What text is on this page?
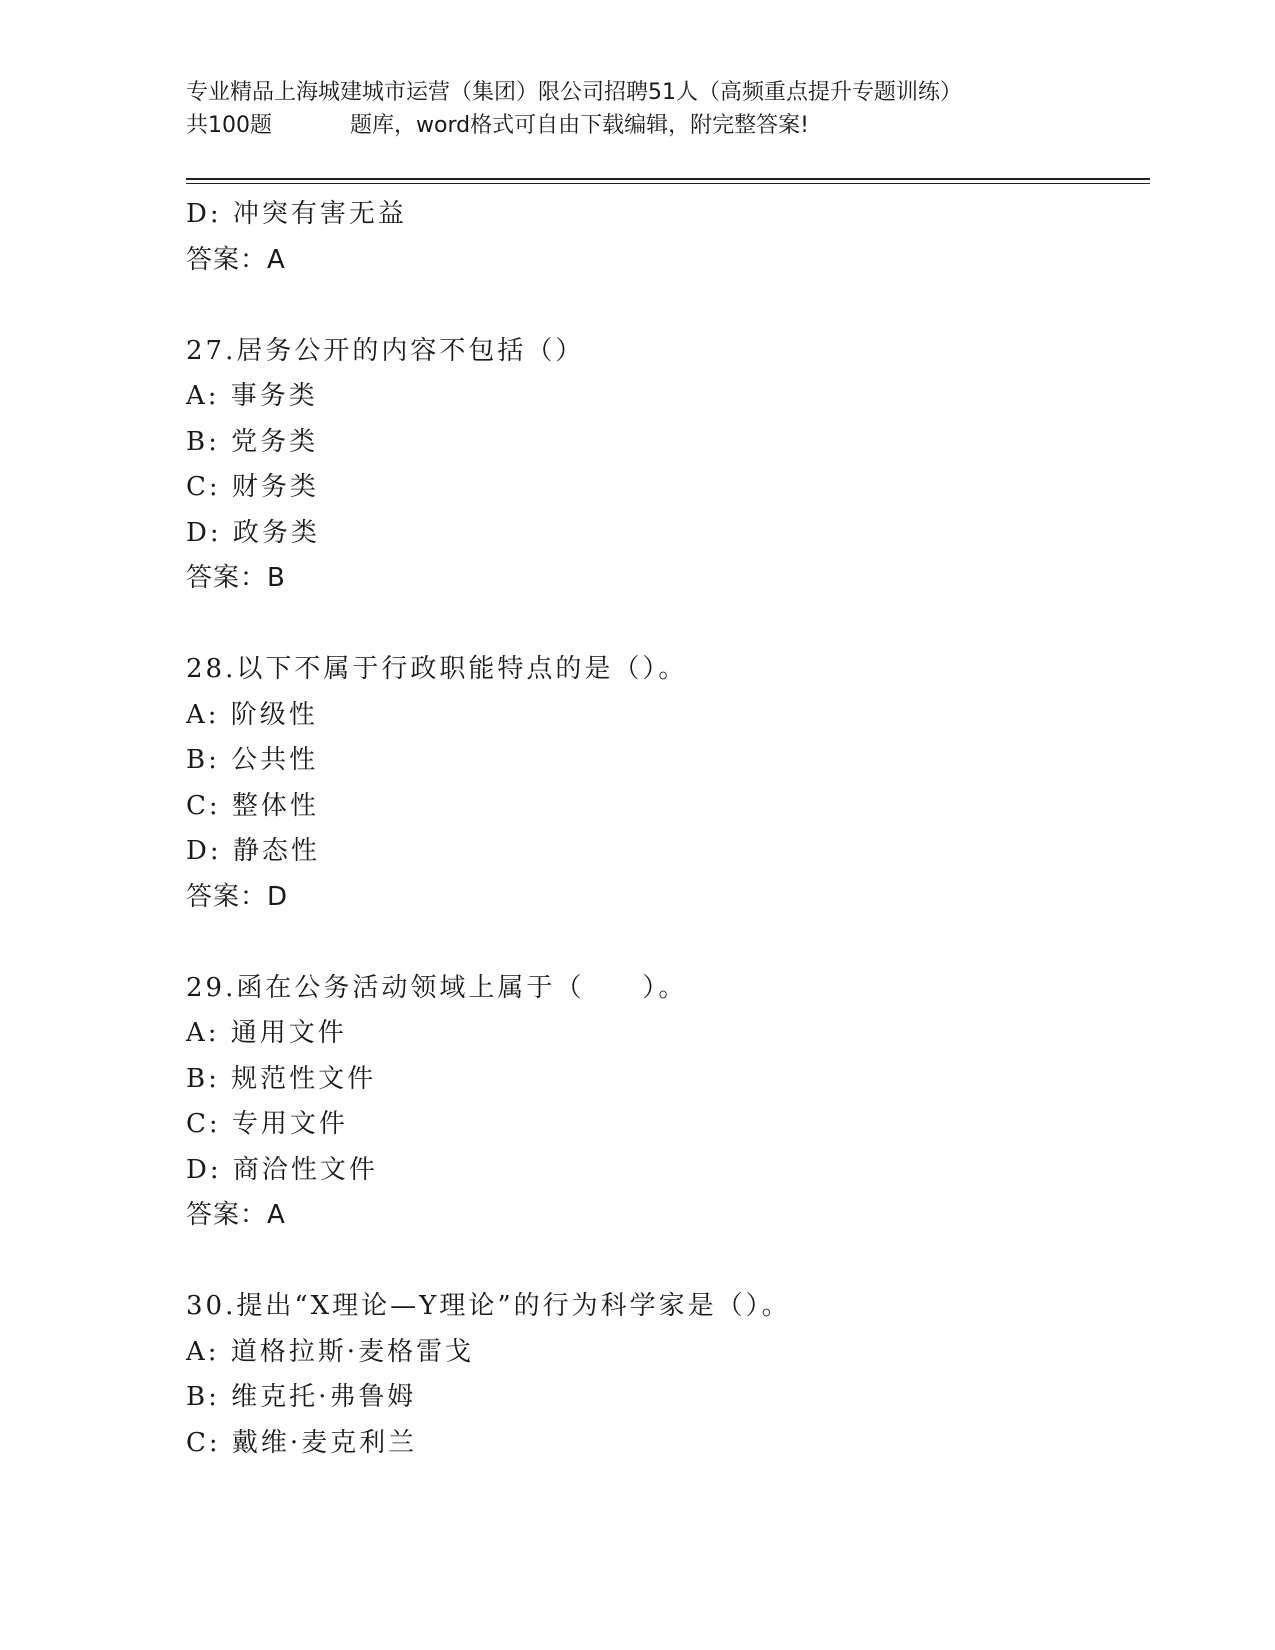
专业精品上海城建城市运营（集团）限公司招聘51人（高频重点提升专题训练）
共100题	题库，word格式可自由下载编辑，附完整答案!
D: 冲突有害无益
答案：A
27.居务公开的内容不包括（）
A: 事务类
B: 党务类
C: 财务类
D: 政务类
答案：B
28.以下不属于行政职能特点的是（）。
A: 阶级性
B: 公共性
C: 整体性
D: 静态性
答案：D
29.函在公务活动领域上属于（　　）。
A: 通用文件
B: 规范性文件
C: 专用文件
D: 商洽性文件
答案：A
30.提出“X理论—Y理论”的行为科学家是（）。
A: 道格拉斯·麦格雷戈
B: 维克托·弗鲁姆
C: 戴维·麦克利兰
